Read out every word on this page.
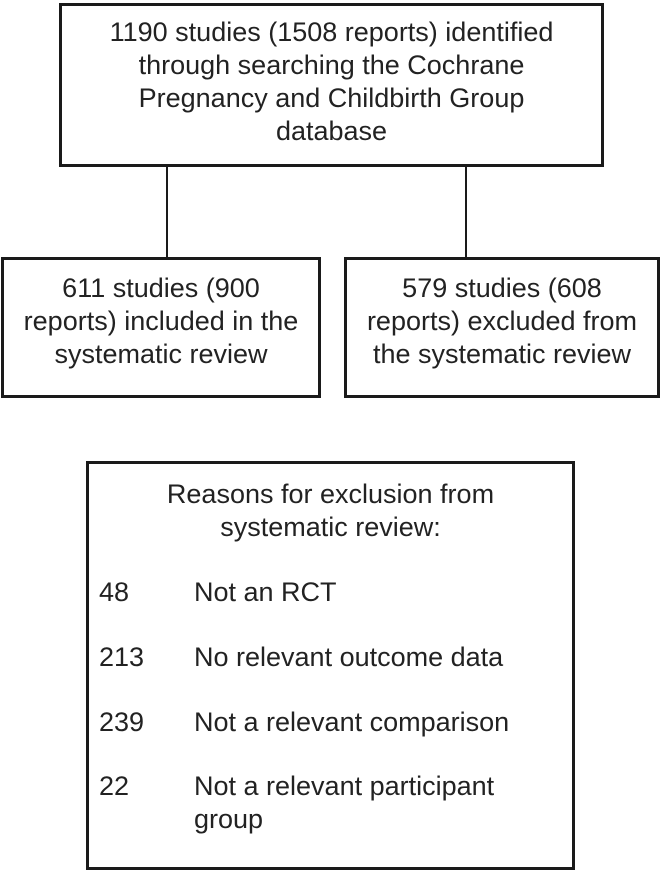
1190 studies (1508 reports) identified
through searching the Cochrane
Pregnancy and Childbirth Group
database
611 studies (900
reports) included in the
systematic review
579 studies (608
reports) excluded from
the systematic review
Reasons for exclusion from
systematic review:
48 Not an RCT
213 No relevant outcome data
239 Not a relevant comparison
22 Not a relevant participant
group
